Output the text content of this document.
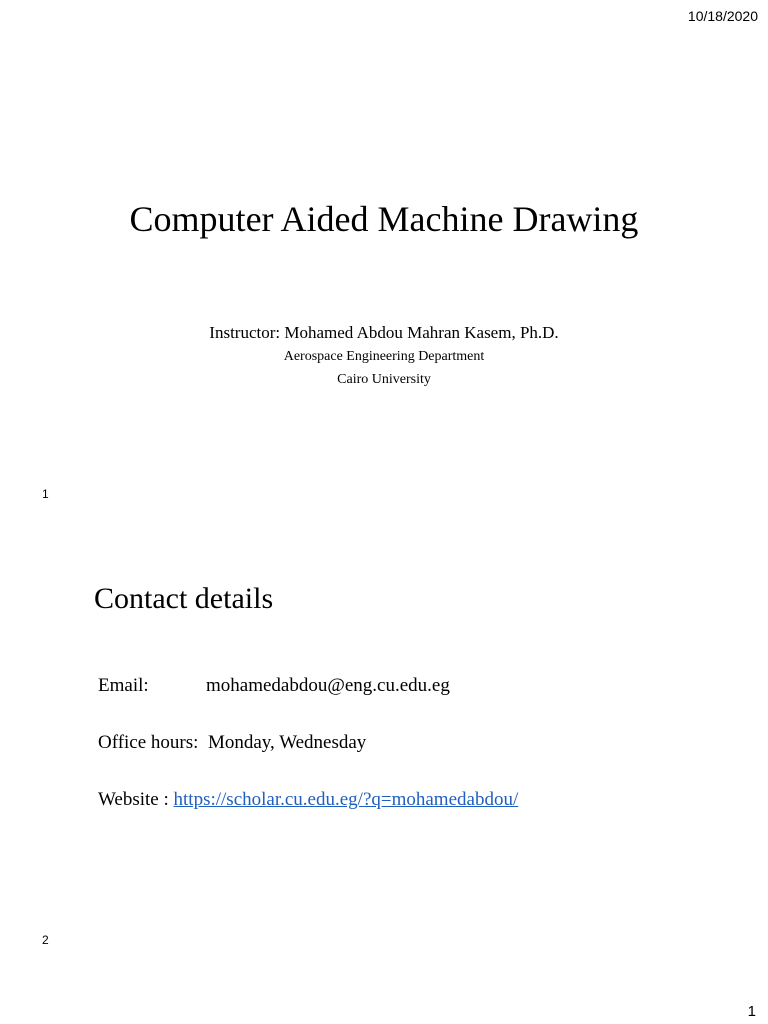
10/18/2020
Computer Aided Machine Drawing
Instructor: Mohamed Abdou Mahran Kasem, Ph.D.
Aerospace Engineering Department
Cairo University
1
Contact details
Email:	mohamedabdou@eng.cu.edu.eg
Office hours: Monday, Wednesday
Website : https://scholar.cu.edu.eg/?q=mohamedabdou/
2
1
